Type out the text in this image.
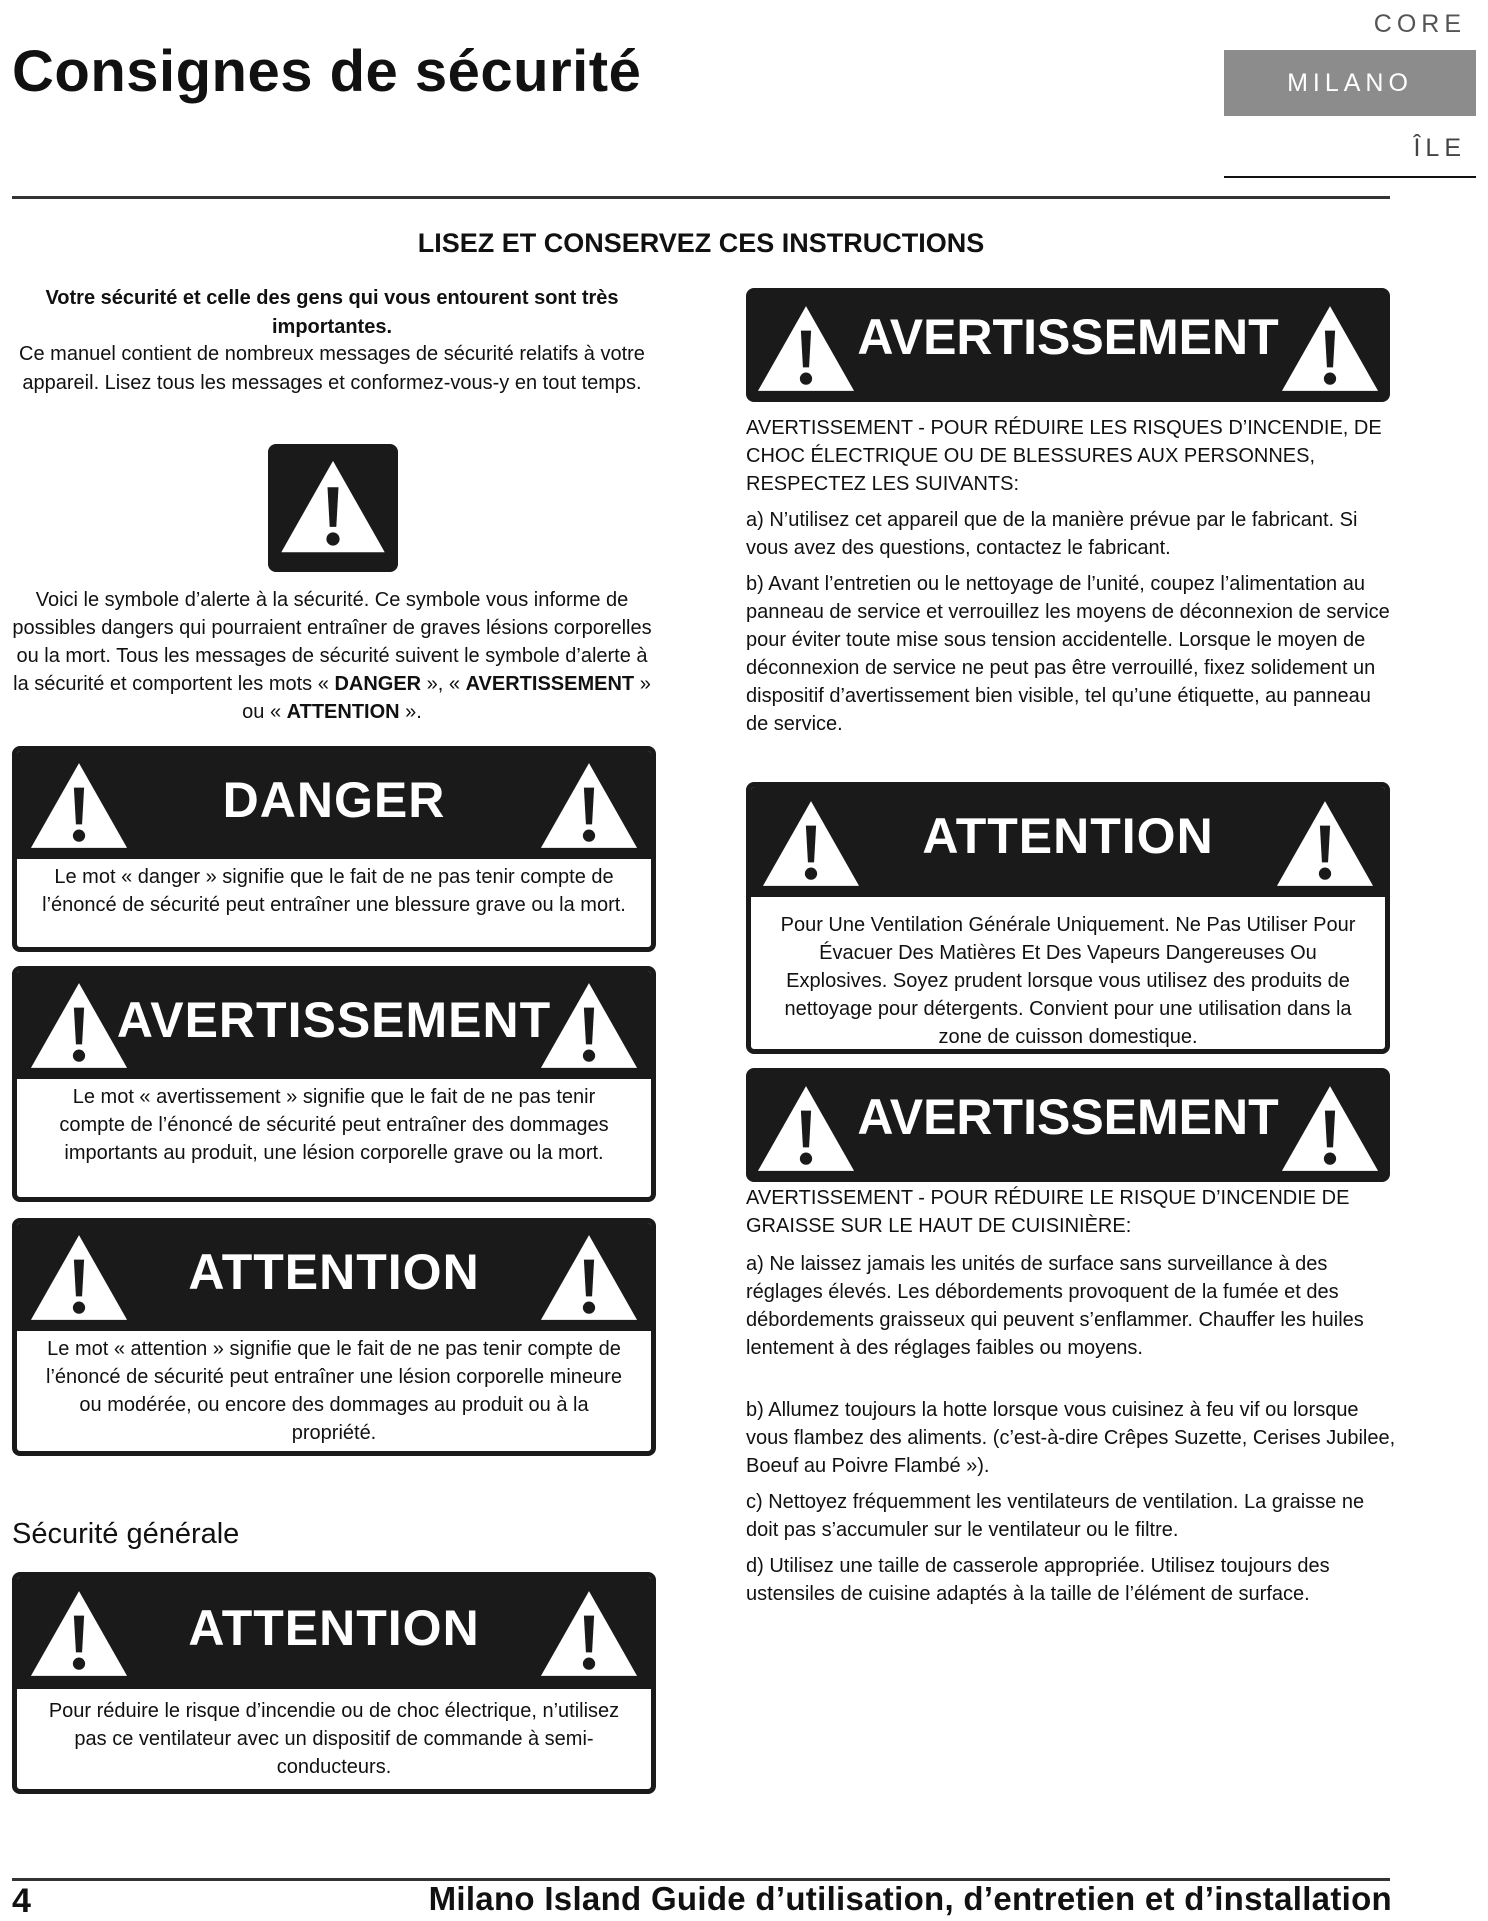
Consignes de sécurité
CORE
MILANO
ÎLE
LISEZ ET CONSERVEZ CES INSTRUCTIONS
Votre sécurité et celle des gens qui vous entourent sont très importantes.
Ce manuel contient de nombreux messages de sécurité relatifs à votre appareil. Lisez tous les messages et conformez-vous-y en tout temps.
Voici le symbole d’alerte à la sécurité. Ce symbole vous informe de possibles dangers qui pourraient entraîner de graves lésions corporelles ou la mort. Tous les messages de sécurité suivent le symbole d’alerte à la sécurité et comportent les mots « DANGER », « AVERTISSEMENT » ou « ATTENTION ».
DANGER
Le mot « danger » signifie que le fait de ne pas tenir compte de l’énoncé de sécurité peut entraîner une blessure grave ou la mort.
AVERTISSEMENT
Le mot « avertissement » signifie que le fait de ne pas tenir compte de l’énoncé de sécurité peut entraîner des dommages importants au produit, une lésion corporelle grave ou la mort.
ATTENTION
Le mot « attention » signifie que le fait de ne pas tenir compte de l’énoncé de sécurité peut entraîner une lésion corporelle mineure ou modérée, ou encore des dommages au produit ou à la propriété.
Sécurité générale
ATTENTION
Pour réduire le risque d’incendie ou de choc électrique, n’utilisez pas ce ventilateur avec un dispositif de commande à semi-conducteurs.
AVERTISSEMENT
AVERTISSEMENT - POUR RÉDUIRE LES RISQUES D’INCENDIE, DE CHOC ÉLECTRIQUE OU DE BLESSURES AUX PERSONNES, RESPECTEZ LES SUIVANTS:
a) N’utilisez cet appareil que de la manière prévue par le fabricant. Si vous avez des questions, contactez le fabricant.
b) Avant l’entretien ou le nettoyage de l’unité, coupez l’alimentation au panneau de service et verrouillez les moyens de déconnexion de service pour éviter toute mise sous tension accidentelle. Lorsque le moyen de déconnexion de service ne peut pas être verrouillé, fixez solidement un dispositif d’avertissement bien visible, tel qu’une étiquette, au panneau de service.
ATTENTION
Pour Une Ventilation Générale Uniquement. Ne Pas Utiliser Pour Évacuer Des Matières Et Des Vapeurs Dangereuses Ou Explosives. Soyez prudent lorsque vous utilisez des produits de nettoyage pour détergents. Convient pour une utilisation dans la zone de cuisson domestique.
AVERTISSEMENT
AVERTISSEMENT - POUR RÉDUIRE LE RISQUE D’INCENDIE DE GRAISSE SUR LE HAUT DE CUISINIÈRE:
a) Ne laissez jamais les unités de surface sans surveillance à des réglages élevés. Les débordements provoquent de la fumée et des débordements graisseux qui peuvent s’enflammer. Chauffer les huiles lentement à des réglages faibles ou moyens.
b) Allumez toujours la hotte lorsque vous cuisinez à feu vif ou lorsque vous flambez des aliments. (c’est-à-dire Crêpes Suzette, Cerises Jubilee, Boeuf au Poivre Flambé »).
c) Nettoyez fréquemment les ventilateurs de ventilation. La graisse ne doit pas s’accumuler sur le ventilateur ou le filtre.
d) Utilisez une taille de casserole appropriée. Utilisez toujours des ustensiles de cuisine adaptés à la taille de l’élément de surface.
4	Milano Island Guide d’utilisation, d’entretien et d’installation
